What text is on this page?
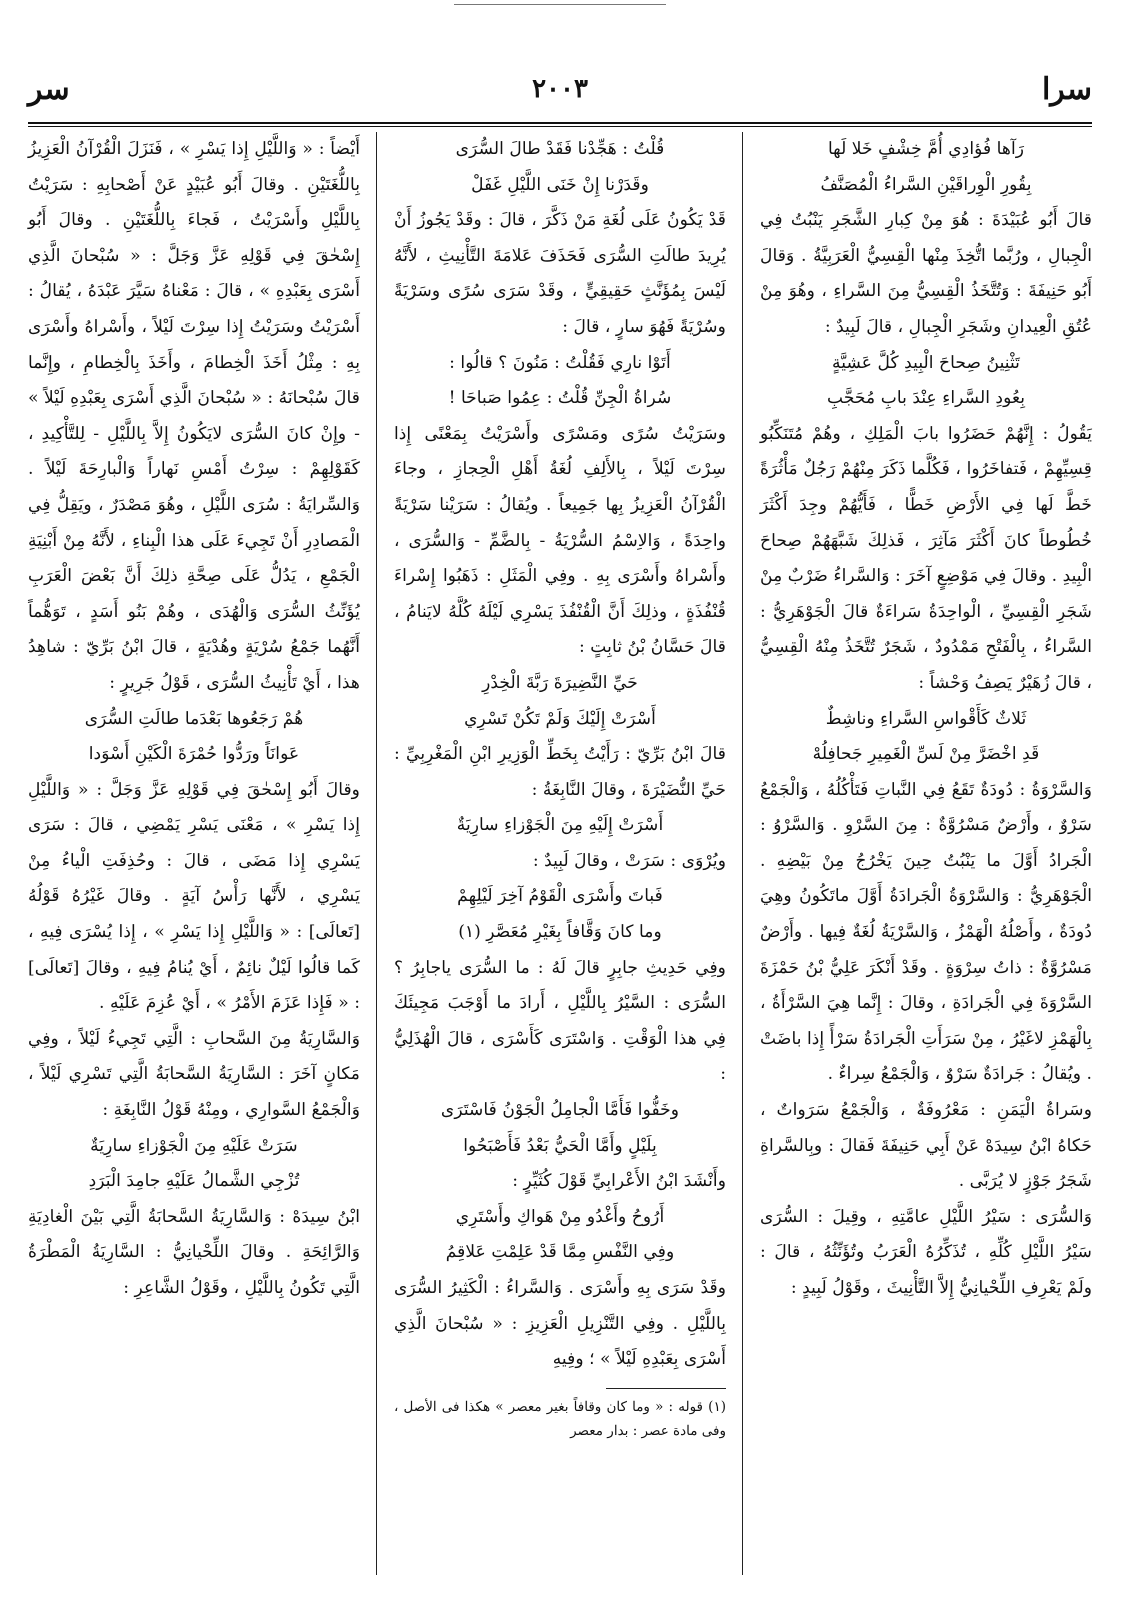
سرا
٢٠٠٣
سر

رَآها فُؤادِي أُمَّ خِشْفٍ خَلا لَها

بِقُورِ الْوِراقَيْنِ السَّراءُ الْمُصَنَّفُ

قالَ أَبُو عُبَيْدَةَ : هُوَ مِنْ كِبارِ الشَّجَرِ يَنْبُتُ فِي الْجِبالِ ، ورُبَّما اتُّخِذَ مِنْها الْقِسِيُّ الْعَرَبِيَّةُ . وَقالَ أَبُو حَنِيفَةَ : وَتُتَّخَذُ الْقِسِيُّ مِنَ السَّراءِ ، وهُوَ مِنْ عُتُقِ الْعِيدانِ وشَجَرِ الْجِبالِ ، قالَ لَبِيدٌ :

تَثْنِينُ صِحاحَ الْبِيدِ كُلَّ عَشِيَّةٍ

بِعُودِ السَّراءِ عِنْدَ بابِ مُحَجَّبِ

يَقُولُ : إِنَّهُمْ حَضَرُوا بابَ الْمَلِكِ ، وهُمْ مُتَنَكِّبُو قِسِيِّهِمْ ، فَتفاخَرُوا ، فَكُلَّما ذَكَرَ مِنْهُمْ رَجُلٌ مَأْثُرَةً خَطَّ لَها فِي الأَرْضِ خَطًّا ، فَأَيُّهُمْ وجِدَ أَكْثَرَ خُطُوطاً كانَ أَكْثَرَ مَآثِرَ ، فَذلِكَ شَبَّهَهُمْ صِحاحَ الْبِيدِ . وقالَ فِي مَوْضِعٍ آخَرَ : وَالسَّراءُ ضَرْبٌ مِنْ شَجَرِ الْقِسِيِّ ، الْواحِدَةُ سَراءَةٌ قالَ الْجَوْهَرِيُّ : السَّراءُ ، بِالْفَتْحِ مَمْدُودٌ ، شَجَرٌ تُتَّخَذُ مِنْهُ الْقِسِيُّ ، قالَ زُهَيْرٌ يَصِفُ وَحْشاً :

ثَلاثٌ كَأَقْواسِ السَّراءِ وناشِطٌ

قَدِ اخْضَرَّ مِنْ لَسِّ الْغَمِيرِ جَحافِلُهْ

وَالسَّرْوَةُ : دُودَةٌ تَقَعُ فِي النَّباتِ فَتَأْكُلُهُ ، وَالْجَمْعُ سَرْوٌ ، وأَرْضٌ مَسْرُوَّةٌ : مِنَ السَّرْوِ . وَالسَّرْوُ : الْجَرادُ أَوَّلَ ما يَنْبُتُ حِينَ يَخْرُجُ مِنْ بَيْضِهِ . الْجَوْهَرِيُّ : وَالسَّرْوَةُ الْجَرادَةُ أَوَّلَ ماتَكُونُ وهِيَ دُودَةٌ ، وأَصْلُهُ الْهَمْزُ ، وَالسَّرْيَةُ لُغَةٌ فِيها . وأَرْضٌ مَسْرُوَّةٌ : ذاتُ سِرْوَةٍ . وقَدْ أَنْكَرَ عَلِيُّ بْنُ حَمْزَةَ السَّرْوَةَ فِي الْجَرادَةِ ، وقالَ : إِنَّما هِيَ السَّرْأَةُ ، بِالْهَمْزِ لاغَيْرُ ، مِنْ سَرَأَتِ الْجَرادَةُ سَرْأً إِذا باضَتْ . ويُقالُ : جَرادَةٌ سَرْوٌ ، وَالْجَمْعُ سِراءٌ .

وسَراةُ الْيَمَنِ : مَعْرُوفَةٌ ، وَالْجَمْعُ سَرَواتٌ ، حَكاهُ ابْنُ سِيدَهْ عَنْ أَبِي حَنِيفَةَ فَقالَ : وبِالسَّراةِ شَجَرُ جَوْزٍ لا يُرَبَّى .

وَالسُّرَى : سَيْرُ اللَّيْلِ عامَّتِهِ ، وقِيلَ : السُّرَى سَيْرُ اللَّيْلِ كُلِّهِ ، تُذَكِّرُهُ الْعَرَبُ وتُؤَنِّثُهُ ، قالَ : ولَمْ يَعْرِفِ اللِّحْيانِيُّ إِلاَّ التَّأْنِيثَ ، وقَوْلُ لَبِيدٍ :

قُلْتُ : هَجِّدْنا فَقَدْ طالَ السُّرَى

وقَدَرْنا إِنْ خَنَى اللَّيْلِ غَفَلْ

قَدْ يَكُونُ عَلَى لُغَةِ مَنْ ذَكَّرَ ، قالَ : وقَدْ يَجُوزُ أَنْ يُرِيدَ طالَتِ السُّرَى فَحَذَفَ عَلامَةَ التَّأْنِيثِ ، لأَنَّهُ لَيْسَ بِمُؤَنَّثٍ حَقِيقِيٍّ ، وقَدْ سَرَى سُرًى وسَرْيَةً وسُرْيَةً فَهُوَ سارٍ ، قالَ :

أَتَوْا نارِي فَقُلْتُ : مَنُونَ ؟ قالُوا :

سُراةُ الْجِنِّ قُلْتُ : عِمُوا صَباحَا !

وسَرَيْتُ سُرًى ومَسْرًى وأَسْرَيْتُ بِمَعْنًى إِذا سِرْتَ لَيْلاً ، بِالأَلِفِ لُغَةُ أَهْلِ الْحِجازِ ، وجاءَ الْقُرْآنُ الْعَزِيزُ بِها جَمِيعاً . ويُقالُ : سَرَيْنا سَرْيَةً واحِدَةً ، وَالاِسْمُ السُّرْيَةُ - بِالضَّمِّ - وَالسُّرَى ، وأَسْراهُ وأَسْرَى بِهِ . وفِي الْمَثَلِ : ذَهَبُوا إِسْراءَ قُنْفُذَةٍ ، وذلِكَ أَنَّ الْقُنْفُذَ يَسْرِي لَيْلَهُ كُلَّهُ لايَنامُ ، قالَ حَسَّانُ بْنُ ثابِتٍ :

حَيِّ النَّضِيرَةَ رَبَّةَ الْخِدْرِ

أَسْرَتْ إِلَيْكَ وَلَمْ تَكُنْ تَسْرِي

قالَ ابْنُ بَرِّيّ : رَأَيْتُ بِخَطِّ الْوَزِيرِ ابْنِ الْمَغْرِبِيِّ : حَيِّ النُّضَيْرَةَ ، وقالَ النَّابِغَةُ :

أَسْرَتْ إِلَيْهِ مِنَ الْجَوْزاءِ سارِيَةٌ

ويُرْوَى : سَرَتْ ، وقالَ لَبِيدٌ :

فَباتَ وأَسْرَى الْقَوْمُ آخِرَ لَيْلِهِمْ

وما كانَ وَقَّافاً بِغَيْرِ مُعَصَّرِ (١)

وفِي حَدِيثِ جابِرٍ قالَ لَهُ : ما السُّرَى ياجابِرُ ؟ السُّرَى : السَّيْرُ بِاللَّيْلِ ، أَرادَ ما أَوْجَبَ مَجِيئَكَ فِي هذا الْوَقْتِ . وَاسْتَرَى كَأَسْرَى ، قالَ الْهُذَلِيُّ :

وخَفُّوا فَأَمَّا الْجامِلُ الْجَوْنُ فَاسْتَرَى

بِلَيْلٍ وأَمَّا الْحَيُّ بَعْدُ فَأَصْبَحُوا

وأَنْشَدَ ابْنُ الأَعْرابِيِّ قَوْلَ كُثَيِّرٍ :

أَرُوحُ وأَغْدُو مِنْ هَواكِ وأَسْتَرِي

وفِي النَّفْسِ مِمَّا قَدْ عَلِمْتِ عَلاقِمُ

وقَدْ سَرَى بِهِ وأَسْرَى . وَالسَّراءُ : الْكَثِيرُ السُّرَى بِاللَّيْلِ . وفِي التَّنْزِيلِ الْعَزِيزِ : « سُبْحانَ الَّذِي أَسْرَى بِعَبْدِهِ لَيْلاً » ؛ وفِيهِ

(١) قوله : « وما كان وقافاً بغير معصر » هكذا فى الأصل ، وفى مادة عصر : بدار معصر

أَيْضاً : « وَاللَّيْلِ إِذا يَسْرِ » ، فَنَزَلَ الْقُرْآنُ الْعَزِيزُ بِاللُّغَتَيْنِ . وقالَ أَبُو عُبَيْدٍ عَنْ أَصْحابِهِ : سَرَيْتُ بِاللَّيْلِ وأَسْرَيْتُ ، فَجاءَ بِاللُّغَتَيْنِ . وقالَ أَبُو إِسْحٰقَ فِي قَوْلِهِ عَزَّ وَجَلَّ : « سُبْحانَ الَّذِي أَسْرَى بِعَبْدِهِ » ، قالَ : مَعْناهُ سَيَّرَ عَبْدَهُ ، يُقالُ : أَسْرَيْتُ وسَرَيْتُ إِذا سِرْتَ لَيْلاً ، وأَسْراهُ وأَسْرَى بِهِ : مِثْلُ أَخَذَ الْخِطامَ ، وأَخَذَ بِالْخِطامِ ، وإِنَّما قالَ سُبْحانَهُ : « سُبْحانَ الَّذِي أَسْرَى بِعَبْدِهِ لَيْلاً » - وإِنْ كانَ السُّرَى لايَكُونُ إِلاَّ بِاللَّيْلِ - لِلتَّأْكِيدِ ، كَقَوْلِهِمْ : سِرْتُ أَمْسِ نَهاراً وَالْبارِحَةَ لَيْلاً . وَالسِّرايَةُ : سُرَى اللَّيْلِ ، وهُوَ مَصْدَرٌ ، ويَقِلُّ فِي الْمَصادِرِ أَنْ تَجِيءَ عَلَى هذا الْبِناءِ ، لأَنَّهُ مِنْ أَبْنِيَةِ الْجَمْعِ ، يَدُلُّ عَلَى صِحَّةِ ذلِكَ أَنَّ بَعْضَ الْعَرَبِ يُؤَنِّثُ السُّرَى وَالْهُدَى ، وهُمْ بَنُو أَسَدٍ ، تَوَهُّماً أَنَّهُما جَمْعُ سُرْيَةٍ وهُدْيَةٍ ، قالَ ابْنُ بَرِّيّ : شاهِدُ هذا ، أَيْ تَأْنِيثُ السُّرَى ، قَوْلُ جَرِيرٍ :

هُمْ رَجَعُوها بَعْدَما طالَتِ السُّرَى

عَوانَاً ورَدُّوا حُمْرَةَ الْكَيْنِ أَسْوَدا

وقالَ أَبُو إِسْحٰقَ فِي قَوْلِهِ عَزَّ وَجَلَّ : « وَاللَّيْلِ إِذا يَسْرِ » ، مَعْنَى يَسْرِ يَمْضِي ، قالَ : سَرَى يَسْرِي إِذا مَضَى ، قالَ : وحُذِفَتِ الْياءُ مِنْ يَسْرِي ، لأَنَّها رَأْسُ آيَةٍ . وقالَ غَيْرُهُ قَوْلُهُ [تَعالَى] : « وَاللَّيْلِ إِذا يَسْرِ » ، إِذا يُسْرَى فِيهِ ، كَما قالُوا لَيْلٌ نائِمٌ ، أَيْ يُنامُ فِيهِ ، وقالَ [تَعالَى] : « فَإِذا عَزَمَ الأَمْرُ » ، أَيْ عُزِمَ عَلَيْهِ .

وَالسَّارِيَةُ مِنَ السَّحابِ : الَّتِي تَجِيءُ لَيْلاً ، وفِي مَكانٍ آخَرَ : السَّارِيَةُ السَّحابَةُ الَّتِي تَسْرِي لَيْلاً ، وَالْجَمْعُ السَّوارِي ، ومِنْهُ قَوْلُ النَّابِغَةِ :

سَرَتْ عَلَيْهِ مِنَ الْجَوْزاءِ سارِيَةٌ

تُزْجِي الشَّمالُ عَلَيْهِ جامِدَ الْبَرَدِ

ابْنُ سِيدَهْ : وَالسَّارِيَةُ السَّحابَةُ الَّتِي بَيْنَ الْغادِيَةِ وَالرَّائِحَةِ . وقالَ اللِّحْيانِيُّ : السَّارِيَةُ الْمَطْرَةُ الَّتِي تَكُونُ بِاللَّيْلِ ، وقَوْلُ الشَّاعِرِ :
